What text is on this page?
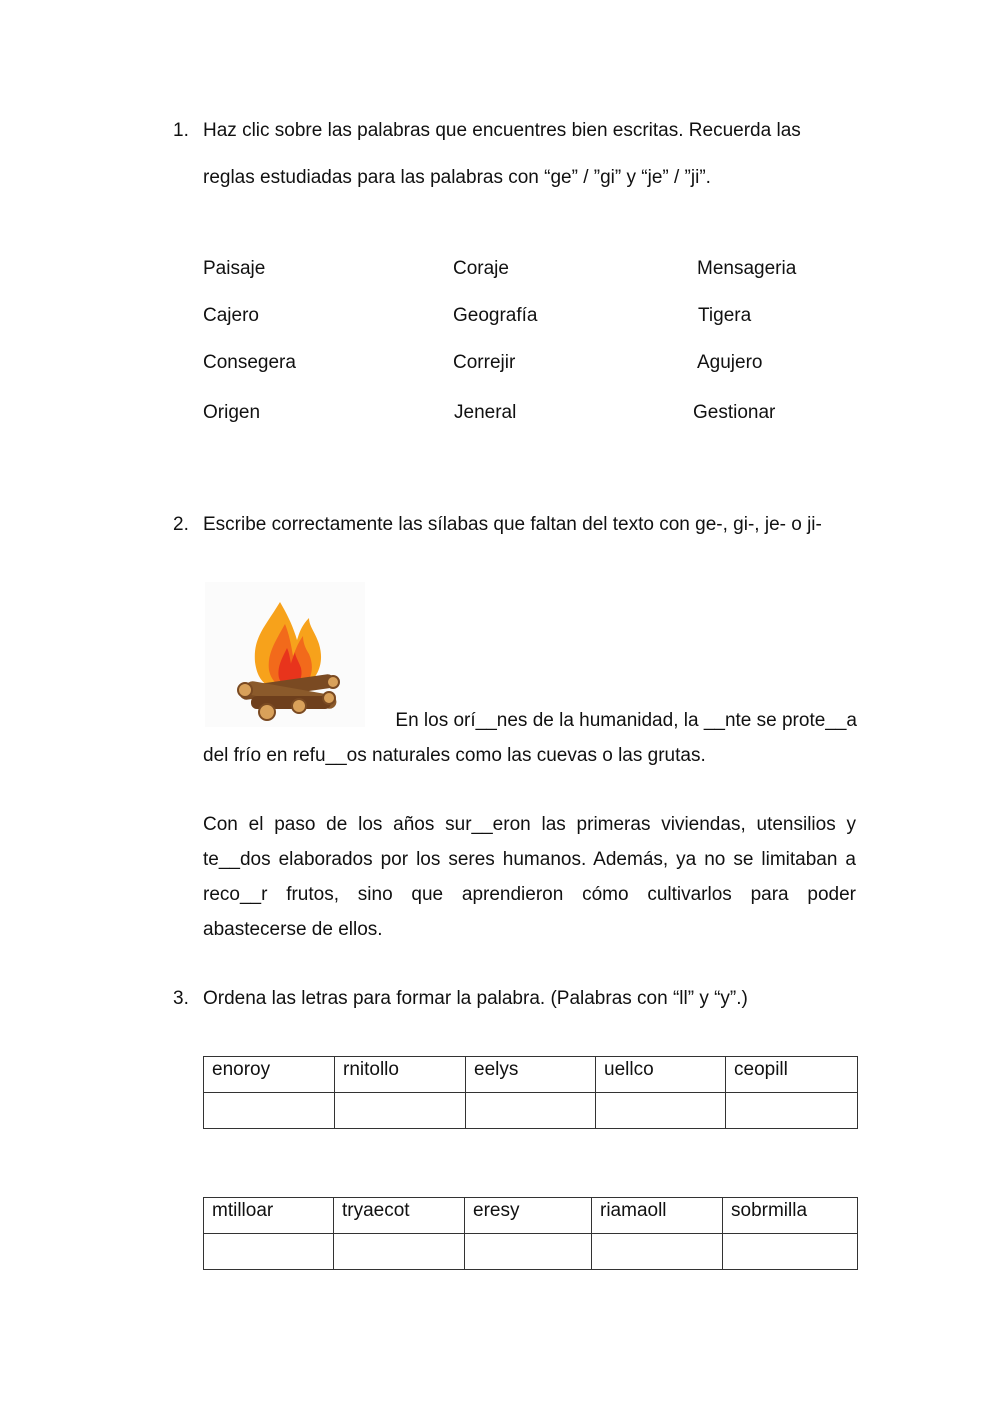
1. Haz clic sobre las palabras que encuentres bien escritas. Recuerda las
reglas estudiadas para las palabras con “ge” / ”gi” y “je” / ”ji”.
Paisaje	Coraje	Mensageria
Cajero	Geografía	Tigera
Consegera	Correjir	Agujero
Origen	Jeneral	Gestionar
2. Escribe correctamente las sílabas que faltan del texto con ge-, gi-, je- o ji-
En los orí__nes de la humanidad, la __nte se prote__a
del frío en refu__os naturales como las cuevas o las grutas.
Con el paso de los años sur__eron las primeras viviendas, utensilios y te__dos elaborados por los seres humanos. Además, ya no se limitaban a reco__r frutos, sino que aprendieron cómo cultivarlos para poder abastecerse de ellos.
3. Ordena las letras para formar la palabra. (Palabras con “ll” y “y”.)
enoroy	rnitollo	eelys	uellco	ceopill

mtilloar	tryaecot	eresy	riamaoll	sobrmilla
